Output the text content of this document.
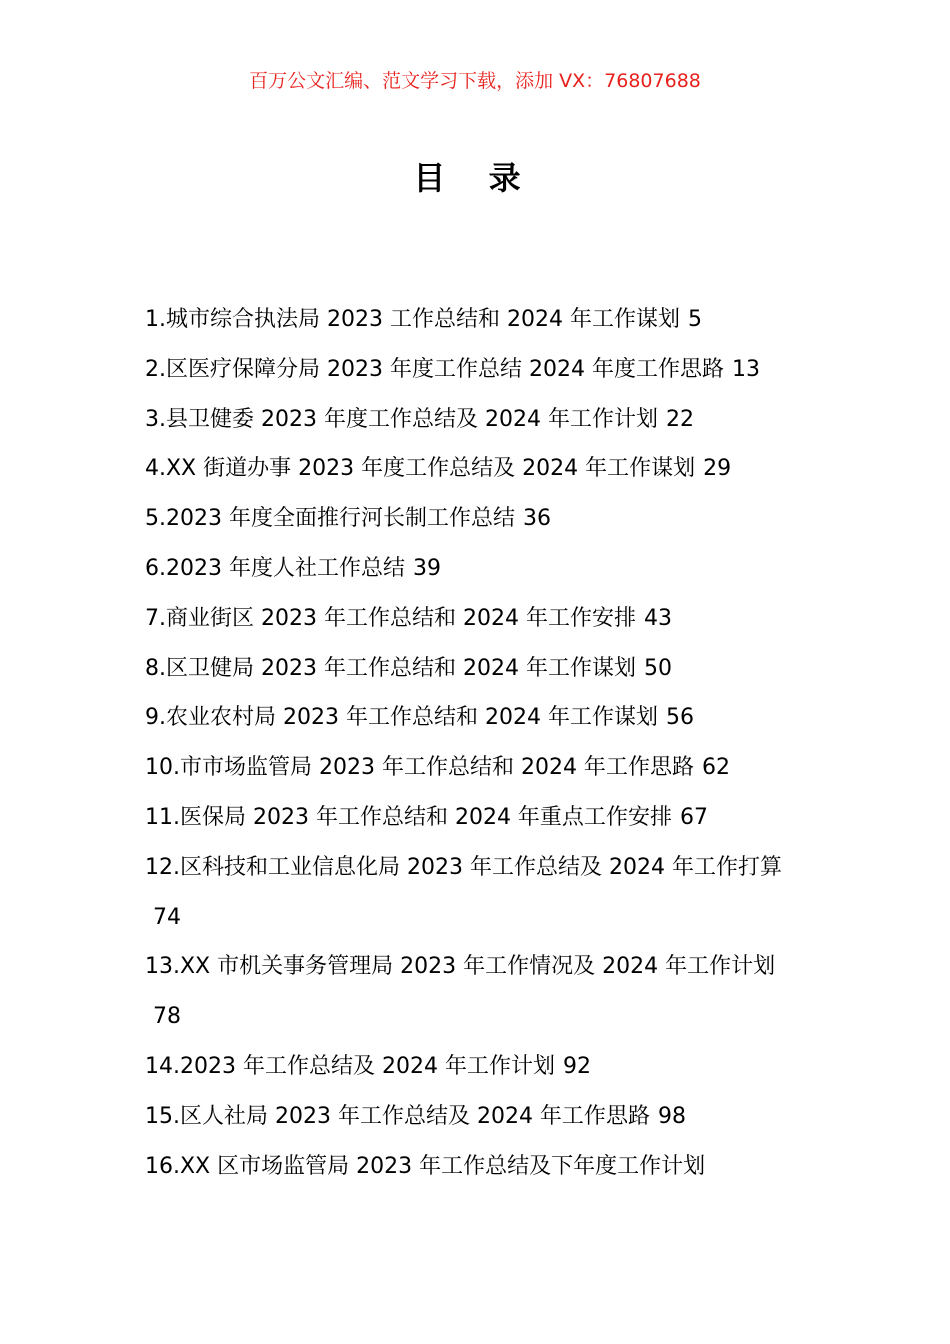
百万公文汇编、范文学习下载，添加 VX：76807688
目 录

1.城市综合执法局 2023 工作总结和 2024 年工作谋划 5

2.区医疗保障分局 2023 年度工作总结 2024 年度工作思路 13

3.县卫健委 2023 年度工作总结及 2024 年工作计划 22

4.XX 街道办事 2023 年度工作总结及 2024 年工作谋划 29

5.2023 年度全面推行河长制工作总结 36

6.2023 年度人社工作总结 39

7.商业街区 2023 年工作总结和 2024 年工作安排 43

8.区卫健局 2023 年工作总结和 2024 年工作谋划 50

9.农业农村局 2023 年工作总结和 2024 年工作谋划 56

10.市市场监管局 2023 年工作总结和 2024 年工作思路 62

11.医保局 2023 年工作总结和 2024 年重点工作安排 67

12.区科技和工业信息化局 2023 年工作总结及 2024 年工作打算74

13.XX 市机关事务管理局 2023 年工作情况及 2024 年工作计划78

14.2023 年工作总结及 2024 年工作计划 92

15.区人社局 2023 年工作总结及 2024 年工作思路 98

16.XX 区市场监管局 2023 年工作总结及下年度工作计划
